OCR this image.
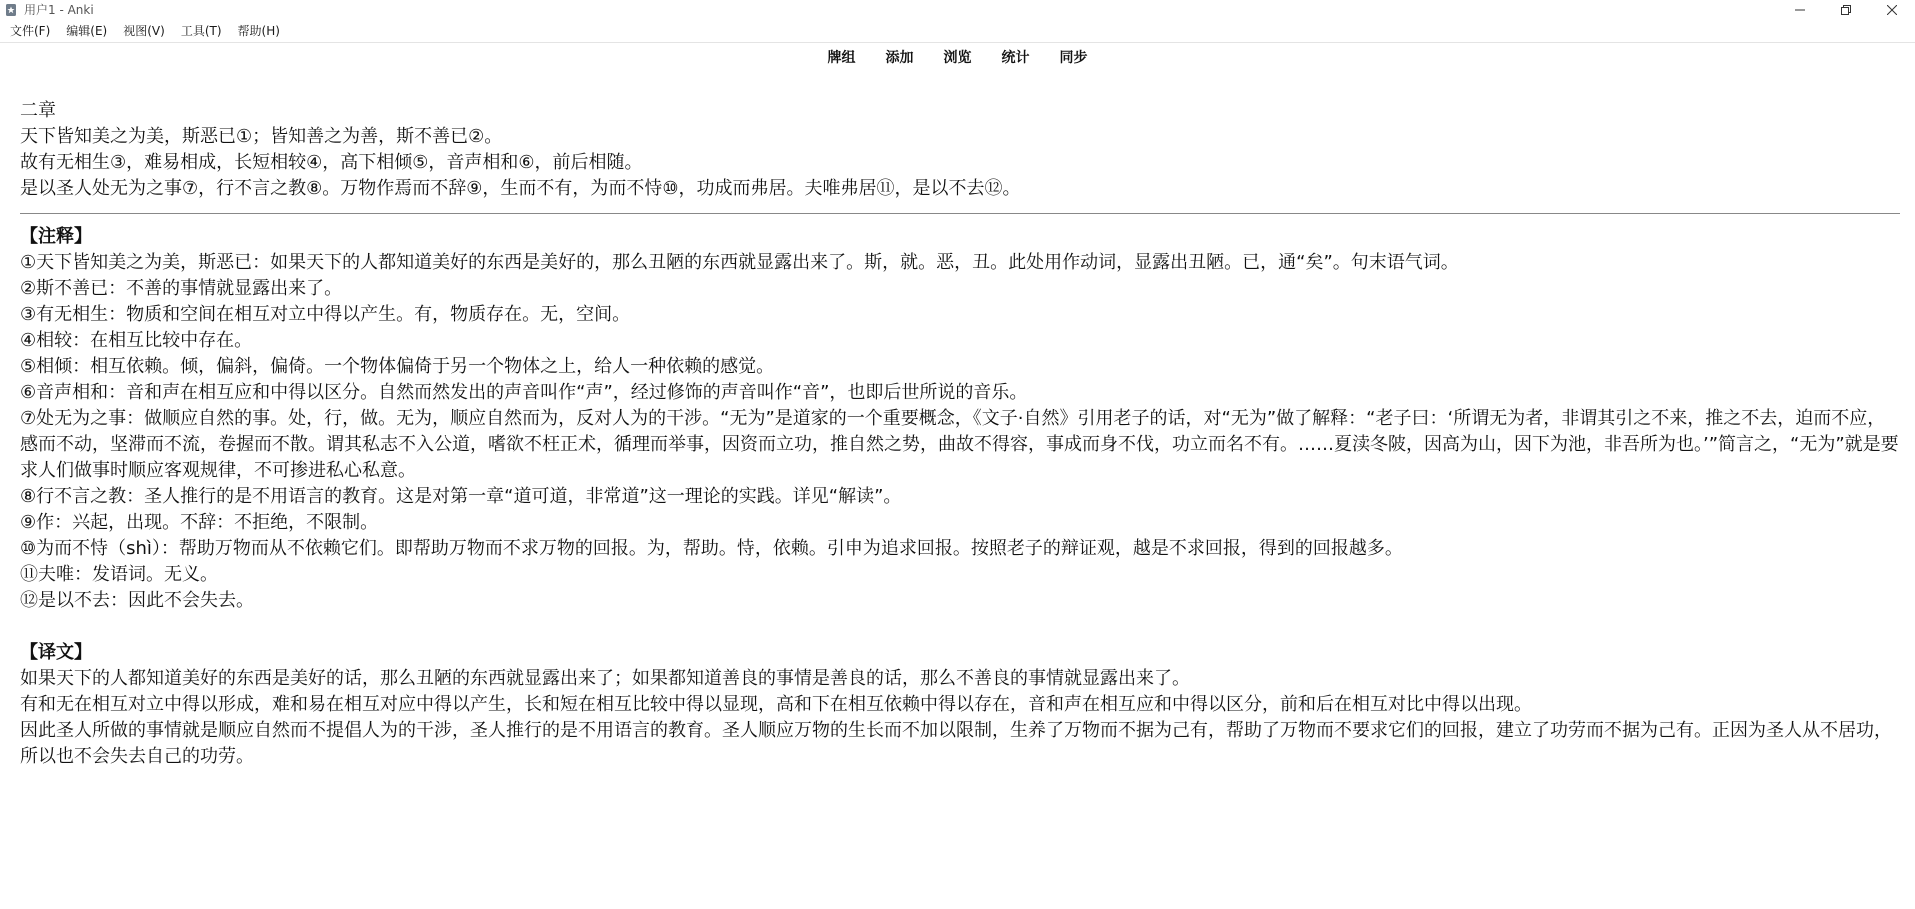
用户1 - Anki
文件(F)	编辑(E)	视图(V)	工具(T)	帮助(H)
牌组	添加	浏览	统计	同步
二章
天下皆知美之为美，斯恶已①；皆知善之为善，斯不善已②。
故有无相生③，难易相成，长短相较④，高下相倾⑤，音声相和⑥，前后相随。
是以圣人处无为之事⑦，行不言之教⑧。万物作焉而不辞⑨，生而不有，为而不恃⑩，功成而弗居。夫唯弗居⑪，是以不去⑫。
【注释】
①天下皆知美之为美，斯恶已：如果天下的人都知道美好的东西是美好的，那么丑陋的东西就显露出来了。斯，就。恶，丑。此处用作动词，显露出丑陋。已，通“矣”。句末语气词。
②斯不善已：不善的事情就显露出来了。
③有无相生：物质和空间在相互对立中得以产生。有，物质存在。无，空间。
④相较：在相互比较中存在。
⑤相倾：相互依赖。倾，偏斜，偏倚。一个物体偏倚于另一个物体之上，给人一种依赖的感觉。
⑥音声相和：音和声在相互应和中得以区分。自然而然发出的声音叫作“声”，经过修饰的声音叫作“音”，也即后世所说的音乐。
⑦处无为之事：做顺应自然的事。处，行，做。无为，顺应自然而为，反对人为的干涉。“无为”是道家的一个重要概念，《文子·自然》引用老子的话，对“无为”做了解释：“老子曰：‘所谓无为者，非谓其引之不来，推之不去，迫而不应，感而不动，坚滞而不流，卷握而不散。谓其私志不入公道，嗜欲不枉正术，循理而举事，因资而立功，推自然之势，曲故不得容，事成而身不伐，功立而名不有。……夏渎冬陂，因高为山，因下为池，非吾所为也。’”简言之，“无为”就是要求人们做事时顺应客观规律，不可掺进私心私意。
⑧行不言之教：圣人推行的是不用语言的教育。这是对第一章“道可道，非常道”这一理论的实践。详见“解读”。
⑨作：兴起，出现。不辞：不拒绝，不限制。
⑩为而不恃（shì）：帮助万物而从不依赖它们。即帮助万物而不求万物的回报。为，帮助。恃，依赖。引申为追求回报。按照老子的辩证观，越是不求回报，得到的回报越多。
⑪夫唯：发语词。无义。
⑫是以不去：因此不会失去。
【译文】
如果天下的人都知道美好的东西是美好的话，那么丑陋的东西就显露出来了；如果都知道善良的事情是善良的话，那么不善良的事情就显露出来了。
有和无在相互对立中得以形成，难和易在相互对应中得以产生，长和短在相互比较中得以显现，高和下在相互依赖中得以存在，音和声在相互应和中得以区分，前和后在相互对比中得以出现。
因此圣人所做的事情就是顺应自然而不提倡人为的干涉，圣人推行的是不用语言的教育。圣人顺应万物的生长而不加以限制，生养了万物而不据为己有，帮助了万物而不要求它们的回报，建立了功劳而不据为己有。正因为圣人从不居功，所以也不会失去自己的功劳。
